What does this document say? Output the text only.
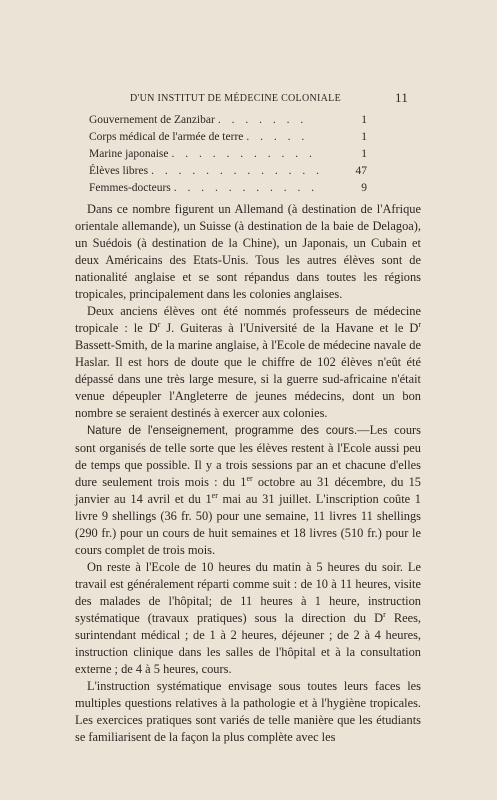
D'UN INSTITUT DE MÉDECINE COLONIALE	11
Gouvernement de Zanzibar . . . . . . .	1
Corps médical de l'armée de terre . . . . .	1
Marine japonaise . . . . . . . . . . .	1
Élèves libres . . . . . . . . . . . . .	47
Femmes-docteurs . . . . . . . . . . .	9

Dans ce nombre figurent un Allemand (à destination de l'Afrique orientale allemande), un Suisse (à destination de la baie de Delagoa), un Suédois (à destination de la Chine), un Japonais, un Cubain et deux Américains des Etats-Unis. Tous les autres élèves sont de nationalité anglaise et se sont répandus dans toutes les régions tropicales, principalement dans les colonies anglaises.

Deux anciens élèves ont été nommés professeurs de médecine tropicale : le $D^r$ J. Guiteras à l'Université de la Havane et le $D^r$ Bassett-Smith, de la marine anglaise, à l'Ecole de médecine navale de Haslar. Il est hors de doute que le chiffre de 102 élèves n'eût été dépassé dans une très large mesure, si la guerre sud-africaine n'était venue dépeupler l'Angleterre de jeunes médecins, dont un bon nombre se seraient destinés à exercer aux colonies.

Nature de l'enseignement, programme des cours.—Les cours sont organisés de telle sorte que les élèves restent à l'Ecole aussi peu de temps que possible. Il y a trois sessions par an et chacune d'elles dure seulement trois mois : du 1er octobre au 31 décembre, du 15 janvier au 14 avril et du 1er mai au 31 juillet. L'inscription coûte 1 livre 9 shellings (36 fr. 50) pour une semaine, 11 livres 11 shellings (290 fr.) pour un cours de huit semaines et 18 livres (510 fr.) pour le cours complet de trois mois.

On reste à l'Ecole de 10 heures du matin à 5 heures du soir. Le travail est généralement réparti comme suit : de 10 à 11 heures, visite des malades de l'hôpital; de 11 heures à 1 heure, instruction systématique (travaux pratiques) sous la direction du $D^r$ Rees, surintendant médical ; de 1 à 2 heures, déjeuner ; de 2 à 4 heures, instruction clinique dans les salles de l'hôpital et à la consultation externe ; de 4 à 5 heures, cours.

L'instruction systématique envisage sous toutes leurs faces les multiples questions relatives à la pathologie et à l'hygiène tropicales. Les exercices pratiques sont variés de telle manière que les étudiants se familiarisent de la façon la plus complète avec les
